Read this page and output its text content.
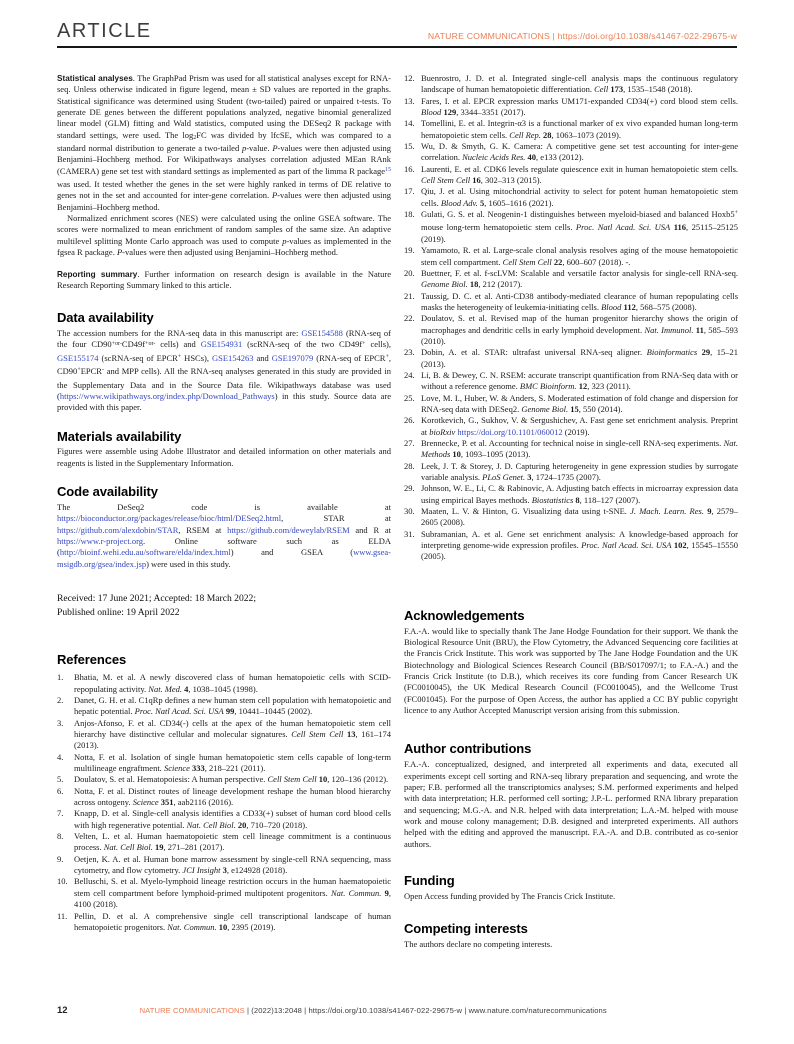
ARTICLE	NATURE COMMUNICATIONS | https://doi.org/10.1038/s41467-022-29675-w

Statistical analyses. The GraphPad Prism was used for all statistical analyses except for RNA-seq. Unless otherwise indicated in figure legend, mean ± SD values are reported in the graphs. Statistical significance was determined using Student (two-tailed) paired or unpaired t-tests. To generate DE genes between the different populations analyzed, negative binomial generalized linear model (GLM) fitting and Wald statistics, computed using the DESeq2 R package with standard settings, were used. The log2FC was divided by lfcSE, which was compared to a standard normal distribution to generate a two-tailed p-value. P-values were then adjusted using Benjamini–Hochberg method. For Wikipathways analyses correlation adjusted MEan RAnk (CAMERA) gene set test with standard settings as implemented as part of the limma R package$^{15}$ was used. It tested whether the genes in the set were highly ranked in terms of DE relative to genes not in the set and accounted for inter-gene correlation. P-values were then adjusted using Benjamini–Hochberg method.

Normalized enrichment scores (NES) were calculated using the online GSEA software. The scores were normalized to mean enrichment of random samples of the same size. An adaptive multilevel splitting Monte Carlo approach was used to compute p-values as implemented in the fgsea R package. P-values were then adjusted using Benjamini–Hochberg method.

Reporting summary. Further information on research design is available in the Nature Research Reporting Summary linked to this article.

Data availability

The accession numbers for the RNA-seq data in this manuscript are: GSE154588 (RNA-seq of the four $CD90^{+or-}CD49f^{+or-}$ cells) and GSE154931 (scRNA-seq of the two CD49f+ cells), GSE155174 (scRNA-seq of EPCR+ HSCs), GSE154263 and GSE197079 (RNA-seq of EPCR+, CD90+EPCR- and MPP cells). All the RNA-seq analyses generated in this study are provided in the Supplementary Data and in the Source Data file. Wikipathways database was used (https://www.wikipathways.org/index.php/Download_Pathways) in this study. Source data are provided with this paper.

Materials availability

Figures were assemble using Adobe Illustrator and detailed information on other materials and reagents is listed in the Supplementary Information.

Code availability

The DeSeq2 code is available at https://bioconductor.org/packages/release/bioc/html/DESeq2.html, STAR at https://github.com/alexdobin/STAR, RSEM at https://github.com/deweylab/RSEM and R at https://www.r-project.org. Online software such as ELDA (http://bioinf.wehi.edu.au/software/elda/index.html) and GSEA (www.gsea-msigdb.org/gsea/index.jsp) were used in this study.

Received: 17 June 2021; Accepted: 18 March 2022;
Published online: 19 April 2022
References
1.	Bhatia, M. et al. A newly discovered class of human hematopoietic cells with SCID-repopulating activity. Nat. Med. 4, 1038–1045 (1998).
2.	Danet, G. H. et al. C1qRp defines a new human stem cell population with hematopoietic and hepatic potential. Proc. Natl Acad. Sci. USA 99, 10441–10445 (2002).
3.	Anjos-Afonso, F. et al. CD34(-) cells at the apex of the human hematopoietic stem cell hierarchy have distinctive cellular and molecular signatures. Cell Stem Cell 13, 161–174 (2013).
4.	Notta, F. et al. Isolation of single human hematopoietic stem cells capable of long-term multilineage engraftment. Science 333, 218–221 (2011).
5.	Doulatov, S. et al. Hematopoiesis: A human perspective. Cell Stem Cell 10, 120–136 (2012).
6.	Notta, F. et al. Distinct routes of lineage development reshape the human blood hierarchy across ontogeny. Science 351, aab2116 (2016).
7.	Knapp, D. et al. Single-cell analysis identifies a CD33(+) subset of human cord blood cells with high regenerative potential. Nat. Cell Biol. 20, 710–720 (2018).
8.	Velten, L. et al. Human haematopoietic stem cell lineage commitment is a continuous process. Nat. Cell Biol. 19, 271–281 (2017).
9.	Oetjen, K. A. et al. Human bone marrow assessment by single-cell RNA sequencing, mass cytometry, and flow cytometry. JCI Insight 3, e124928 (2018).
10. Belluschi, S. et al. Myelo-lymphoid lineage restriction occurs in the human haematopoietic stem cell compartment before lymphoid-primed multipotent progenitors. Nat. Commun. 9, 4100 (2018).
11. Pellin, D. et al. A comprehensive single cell transcriptional landscape of human hematopoietic progenitors. Nat. Commun. 10, 2395 (2019).
12. Buenrostro, J. D. et al. Integrated single-cell analysis maps the continuous regulatory landscape of human hematopoietic differentiation. Cell 173, 1535–1548 (2018).
13. Fares, I. et al. EPCR expression marks UM171-expanded CD34(+) cord blood stem cells. Blood 129, 3344–3351 (2017).
14. Tomellini, E. et al. Integrin-α3 is a functional marker of ex vivo expanded human long-term hematopoietic stem cells. Cell Rep. 28, 1063–1073 (2019).
15. Wu, D. & Smyth, G. K. Camera: A competitive gene set test accounting for inter-gene correlation. Nucleic Acids Res. 40, e133 (2012).
16. Laurenti, E. et al. CDK6 levels regulate quiescence exit in human hematopoietic stem cells. Cell Stem Cell 16, 302–313 (2015).
17. Qiu, J. et al. Using mitochondrial activity to select for potent human hematopoietic stem cells. Blood Adv. 5, 1605–1616 (2021).
18. Gulati, G. S. et al. Neogenin-1 distinguishes between myeloid-biased and balanced Hoxb5+ mouse long-term hematopoietic stem cells. Proc. Natl Acad. Sci. USA 116, 25115–25125 (2019).
19. Yamamoto, R. et al. Large-scale clonal analysis resolves aging of the mouse hematopoietic stem cell compartment. Cell Stem Cell 22, 600–607 (2018). -.
20. Buettner, F. et al. f-scLVM: Scalable and versatile factor analysis for single-cell RNA-seq. Genome Biol. 18, 212 (2017).
21. Taussig, D. C. et al. Anti-CD38 antibody-mediated clearance of human repopulating cells masks the heterogeneity of leukemia-initiating cells. Blood 112, 568–575 (2008).
22. Doulatov, S. et al. Revised map of the human progenitor hierarchy shows the origin of macrophages and dendritic cells in early lymphoid development. Nat. Immunol. 11, 585–593 (2010).
23. Dobin, A. et al. STAR: ultrafast universal RNA-seq aligner. Bioinformatics 29, 15–21 (2013).
24. Li, B. & Dewey, C. N. RSEM: accurate transcript quantification from RNA-Seq data with or without a reference genome. BMC Bioinform. 12, 323 (2011).
25. Love, M. I., Huber, W. & Anders, S. Moderated estimation of fold change and dispersion for RNA-seq data with DESeq2. Genome Biol. 15, 550 (2014).
26. Korotkevich, G., Sukhov, V. & Sergushichev, A. Fast gene set enrichment analysis. Preprint at bioRxiv https://doi.org/10.1101/060012 (2019).
27. Brennecke, P. et al. Accounting for technical noise in single-cell RNA-seq experiments. Nat. Methods 10, 1093–1095 (2013).
28. Leek, J. T. & Storey, J. D. Capturing heterogeneity in gene expression studies by surrogate variable analysis. PLoS Genet. 3, 1724–1735 (2007).
29. Johnson, W. E., Li, C. & Rabinovic, A. Adjusting batch effects in microarray expression data using empirical Bayes methods. Biostatistics 8, 118–127 (2007).
30. Maaten, L. V. & Hinton, G. Visualizing data using t-SNE. J. Mach. Learn. Res. 9, 2579–2605 (2008).
31. Subramanian, A. et al. Gene set enrichment analysis: A knowledge-based approach for interpreting genome-wide expression profiles. Proc. Natl Acad. Sci. USA 102, 15545–15550 (2005).
Acknowledgements

F.A.-A. would like to specially thank The Jane Hodge Foundation for their support. We thank the Biological Resource Unit (BRU), the Flow Cytometry, the Advanced Sequencing core facilities at the Francis Crick Institute. This work was supported by The Jane Hodge Foundation and the UK Biotechnology and Biological Sciences Research Council (BB/S017097/1; to F.A.-A.) and the Francis Crick Institute (to D.B.), which receives its core funding from Cancer Research UK (FC0010045), the UK Medical Research Council (FC0010045), and the Wellcome Trust (FC001045). For the purpose of Open Access, the author has applied a CC BY public copyright licence to any Author Accepted Manuscript version arising from this submission.

Author contributions

F.A.-A. conceptualized, designed, and interpreted all experiments and data, executed all experiments except cell sorting and RNA-seq library preparation and sequencing, and wrote the paper; F.B. performed all the transcriptomics analyses; S.M. performed experiments and helped with data interpretation; H.R. performed cell sorting; J.P.-L. performed RNA library preparation and sequencing; M.G.-A. and N.R. helped with data interpretation; L.A.-M. helped with mouse work and mouse colony management; D.B. designed and interpreted experiments. All authors helped with the editing and approved the manuscript. F.A.-A. and D.B. contributed as co-senior authors.

Funding

Open Access funding provided by The Francis Crick Institute.

Competing interests

The authors declare no competing interests.

12	NATURE COMMUNICATIONS | (2022)13:2048 | https://doi.org/10.1038/s41467-022-29675-w | www.nature.com/naturecommunications
